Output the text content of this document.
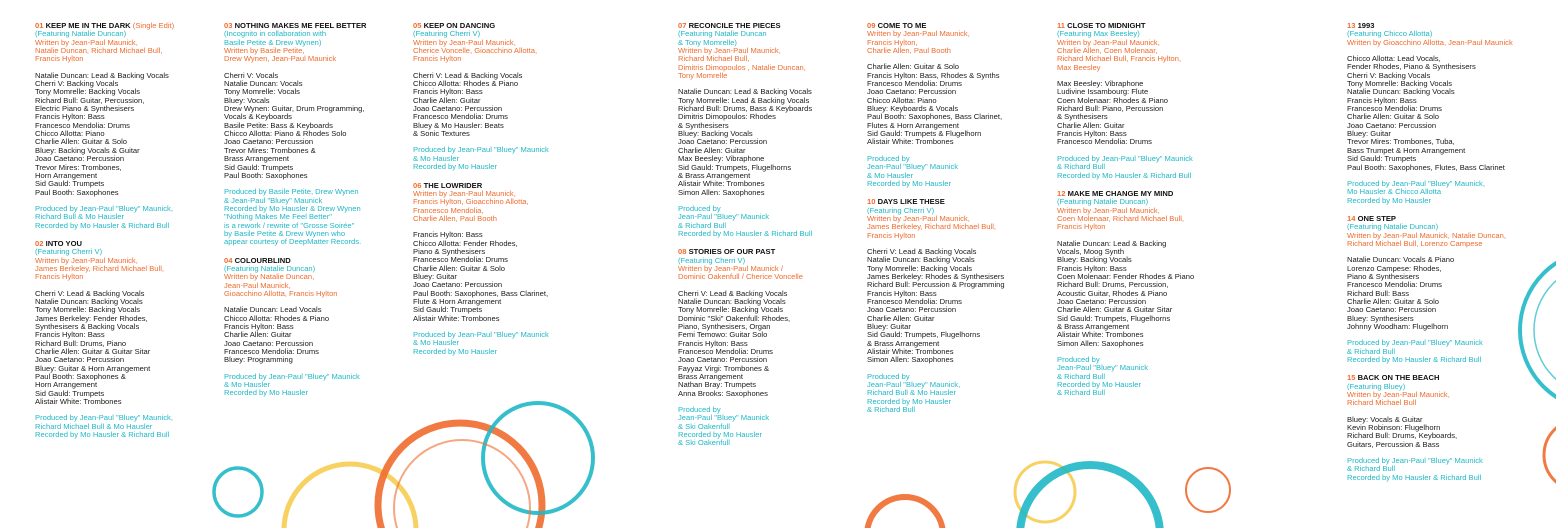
01 KEEP ME IN THE DARK (Single Edit)
(Featuring Natalie Duncan)
Written by Jean-Paul Maunick,
Natalie Duncan, Richard Michael Bull,
Francis Hylton
Natalie Duncan: Lead & Backing Vocals
Cherri V: Backing Vocals
Tony Momrelle: Backing Vocals
Richard Bull: Guitar, Percussion,
Electric Piano & Synthesisers
Francis Hylton: Bass
Francesco Mendolia: Drums
Chicco Allotta: Piano
Charlie Allen: Guitar & Solo
Bluey: Backing Vocals & Guitar
Joao Caetano: Percussion
Trevor Mires: Trombones,
Horn Arrangement
Sid Gauld: Trumpets
Paul Booth: Saxophones
Produced by Jean-Paul "Bluey" Maunick,
Richard Bull & Mo Hausler
Recorded by Mo Hausler & Richard Bull
02 INTO YOU
(Featuring Cherri V)
Written by Jean-Paul Maunick,
James Berkeley, Richard Michael Bull,
Francis Hylton
Cherri V: Lead & Backing Vocals
Natalie Duncan: Backing Vocals
Tony Momrelle: Backing Vocals
James Berkeley: Fender Rhodes,
Synthesisers & Backing Vocals
Francis Hylton: Bass
Richard Bull: Drums, Piano
Charlie Allen: Guitar & Guitar Sitar
Joao Caetano: Percussion
Bluey: Guitar & Horn Arrangement
Paul Booth: Saxophones &
Horn Arrangement
Sid Gauld: Trumpets
Alistair White: Trombones
Produced by Jean-Paul "Bluey" Maunick,
Richard Michael Bull & Mo Hausler
Recorded by Mo Hausler & Richard Bull
03 NOTHING MAKES ME FEEL BETTER
(Incognito in collaboration with
Basile Petite & Drew Wynen)
Written by Basile Petite,
Drew Wynen, Jean-Paul Maunick
Cherri V: Vocals
Natalie Duncan: Vocals
Tony Momrelle: Vocals
Bluey: Vocals
Drew Wynen: Guitar, Drum Programming,
Vocals & Keyboards
Basile Petite: Bass & Keyboards
Chicco Allotta: Piano & Rhodes Solo
Joao Caetano: Percussion
Trevor Mires: Trombones &
Brass Arrangement
Sid Gauld: Trumpets
Paul Booth: Saxophones
Produced by Basile Petite, Drew Wynen
& Jean-Paul "Bluey" Maunick
Recorded by Mo Hausler & Drew Wynen
"Nothing Makes Me Feel Better"
is a rework / rewrite of "Grosse Soirée"
by Basile Petite & Drew Wynen who
appear courtesy of DeepMatter Records.
04 COLOURBLIND
(Featuring Natalie Duncan)
Written by Natalie Duncan,
Jean-Paul Maunick,
Gioacchino Allotta, Francis Hylton
Natalie Duncan: Lead Vocals
Chicco Allotta: Rhodes & Piano
Francis Hylton: Bass
Charlie Allen: Guitar
Joao Caetano: Percussion
Francesco Mendolia: Drums
Bluey: Programming
Produced by Jean-Paul "Bluey" Maunick
& Mo Hausler
Recorded by Mo Hausler
05 KEEP ON DANCING
(Featuring Cherri V)
Written by Jean-Paul Maunick,
Cherice Voncelle, Gioacchino Allotta,
Francis Hylton
Cherri V: Lead & Backing Vocals
Chicco Allotta: Rhodes & Piano
Francis Hylton: Bass
Charlie Allen: Guitar
Joao Caetano: Percussion
Francesco Mendolia: Drums
Bluey & Mo Hausler: Beats
& Sonic Textures
Produced by Jean-Paul "Bluey" Maunick
& Mo Hausler
Recorded by Mo Hausler
06 THE LOWRIDER
Written by Jean-Paul Maunick,
Francis Hylton, Gioacchino Allotta,
Francesco Mendolia,
Charlie Allen, Paul Booth
Francis Hylton: Bass
Chicco Allotta: Fender Rhodes,
Piano & Synthesisers
Francesco Mendolia: Drums
Charlie Allen: Guitar & Solo
Bluey: Guitar
Joao Caetano: Percussion
Paul Booth: Saxophones, Bass Clarinet,
Flute & Horn Arrangement
Sid Gauld: Trumpets
Alistair White: Trombones
Produced by Jean-Paul "Bluey" Maunick
& Mo Hausler
Recorded by Mo Hausler
07 RECONCILE THE PIECES
(Featuring Natalie Duncan
& Tony Momrelle)
Written by Jean-Paul Maunick,
Richard Michael Bull,
Dimitris Dimopoulos , Natalie Duncan,
Tony Momrelle
Natalie Duncan: Lead & Backing Vocals
Tony Momrelle: Lead & Backing Vocals
Richard Bull: Drums, Bass & Keyboards
Dimitris Dimopoulos: Rhodes
& Synthesisers
Bluey: Backing Vocals
Joao Caetano: Percussion
Charlie Allen: Guitar
Max Beesley: Vibraphone
Sid Gauld: Trumpets, Flugelhorns
& Brass Arrangement
Alistair White: Trombones
Simon Allen: Saxophones
Produced by
Jean-Paul "Bluey" Maunick
& Richard Bull
Recorded by Mo Hausler & Richard Bull
08 STORIES OF OUR PAST
(Featuring Cherri V)
Written by Jean-Paul Maunick /
Dominic Oakenfull / Cherice Voncelle
Cherri V: Lead & Backing Vocals
Natalie Duncan: Backing Vocals
Tony Momrelle: Backing Vocals
Dominic "Ski" Oakenfull: Rhodes,
Piano, Synthesisers, Organ
Femi Temowo: Guitar Solo
Francis Hylton: Bass
Francesco Mendolia: Drums
Joao Caetano: Percussion
Fayyaz Virgi: Trombones &
Brass Arrangement
Nathan Bray: Trumpets
Anna Brooks: Saxophones
Produced by
Jean-Paul "Bluey" Maunick
& Ski Oakenfull
Recorded by Mo Hausler
& Ski Oakenfull
09 COME TO ME
Written by Jean-Paul Maunick,
Francis Hylton,
Charlie Allen, Paul Booth
Charlie Allen: Guitar & Solo
Francis Hylton: Bass, Rhodes & Synths
Francesco Mendolia: Drums
Joao Caetano: Percussion
Chicco Allotta: Piano
Bluey: Keyboards & Vocals
Paul Booth: Saxophones, Bass Clarinet,
Flutes & Horn Arrangement
Sid Gauld: Trumpets & Flugelhorn
Alistair White: Trombones
Produced by
Jean-Paul "Bluey" Maunick
& Mo Hausler
Recorded by Mo Hausler
10 DAYS LIKE THESE
(Featuring Cherri V)
Written by Jean-Paul Maunick,
James Berkeley, Richard Michael Bull,
Francis Hylton
Cherri V: Lead & Backing Vocals
Natalie Duncan: Backing Vocals
Tony Momrelle: Backing Vocals
James Berkeley: Rhodes & Synthesisers
Richard Bull: Percussion & Programming
Francis Hylton: Bass
Francesco Mendolia: Drums
Joao Caetano: Percussion
Charlie Allen: Guitar
Bluey: Guitar
Sid Gauld: Trumpets, Flugelhorns
& Brass Arrangement
Alistair White: Trombones
Simon Allen: Saxophones
Produced by
Jean-Paul "Bluey" Maunick,
Richard Bull & Mo Hausler
Recorded by Mo Hausler
& Richard Bull
11 CLOSE TO MIDNIGHT
(Featuring Max Beesley)
Written by Jean-Paul Maunick,
Charlie Allen, Coen Molenaar,
Richard Michael Bull, Francis Hylton,
Max Beesley
Max Beesley: Vibraphone
Ludivine Issambourg: Flute
Coen Molenaar: Rhodes & Piano
Richard Bull: Piano, Percussion
& Synthesisers
Charlie Allen: Guitar
Francis Hylton: Bass
Francesco Mendolia: Drums
Produced by Jean-Paul "Bluey" Maunick
& Richard Bull
Recorded by Mo Hausler & Richard Bull
12 MAKE ME CHANGE MY MIND
(Featuring Natalie Duncan)
Written by Jean-Paul Maunick,
Coen Molenaar, Richard Michael Bull,
Francis Hylton
Natalie Duncan: Lead & Backing
Vocals, Moog Synth
Bluey: Backing Vocals
Francis Hylton: Bass
Coen Molenaar: Fender Rhodes & Piano
Richard Bull: Drums, Percussion,
Acoustic Guitar, Rhodes & Piano
Joao Caetano: Percussion
Charlie Allen: Guitar & Guitar Sitar
Sid Gauld: Trumpets, Flugelhorns
& Brass Arrangement
Alistair White: Trombones
Simon Allen: Saxophones
Produced by
Jean-Paul "Bluey" Maunick
& Richard Bull
Recorded by Mo Hausler
& Richard Bull
13 1993
(Featuring Chicco Allotta)
Written by Gioacchino Allotta, Jean-Paul Maunick
Chicco Allotta: Lead Vocals,
Fender Rhodes, Piano & Synthesisers
Cherri V: Backing Vocals
Tony Momrelle: Backing Vocals
Natalie Duncan: Backing Vocals
Francis Hylton: Bass
Francesco Mendolia: Drums
Charlie Allen: Guitar & Solo
Joao Caetano: Percussion
Bluey: Guitar
Trevor Mires: Trombones, Tuba,
Bass Trumpet & Horn Arrangement
Sid Gauld: Trumpets
Paul Booth: Saxophones, Flutes, Bass Clarinet
Produced by Jean-Paul "Bluey" Maunick,
Mo Hausler & Chicco Allotta
Recorded by Mo Hausler
14 ONE STEP
(Featuring Natalie Duncan)
Written by Jean-Paul Maunick, Natalie Duncan,
Richard Michael Bull, Lorenzo Campese
Natalie Duncan: Vocals & Piano
Lorenzo Campese: Rhodes,
Piano & Synthesisers
Francesco Mendolia: Drums
Richard Bull: Bass
Charlie Allen: Guitar & Solo
Joao Caetano: Percussion
Bluey: Synthesisers
Johnny Woodham: Flugelhorn
Produced by Jean-Paul "Bluey" Maunick
& Richard Bull
Recorded by Mo Hausler & Richard Bull
15 BACK ON THE BEACH
(Featuring Bluey)
Written by Jean-Paul Maunick,
Richard Michael Bull
Bluey: Vocals & Guitar
Kevin Robinson: Flugelhorn
Richard Bull: Drums, Keyboards,
Guitars, Percussion & Bass
Produced by Jean-Paul "Bluey" Maunick
& Richard Bull
Recorded by Mo Hausler & Richard Bull
